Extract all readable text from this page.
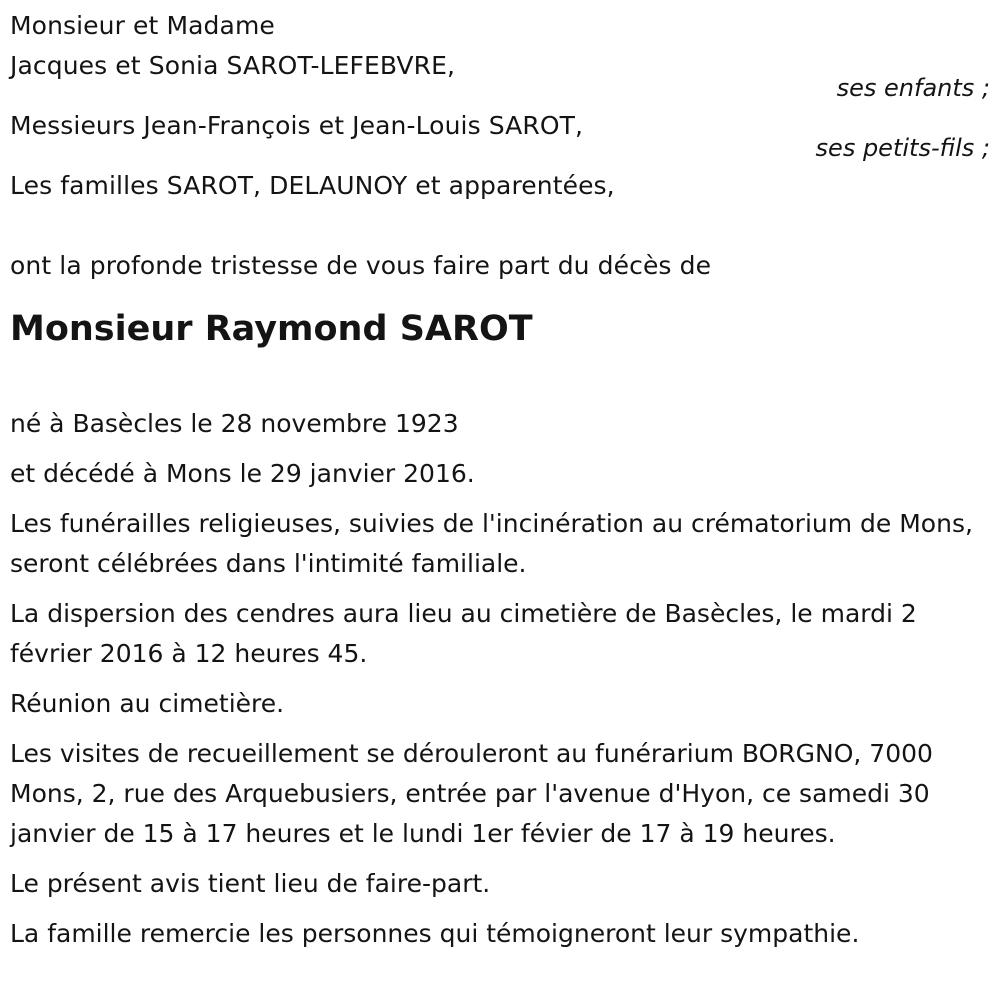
Monsieur et Madame
Jacques et Sonia SAROT-LEFEBVRE,
ses enfants ;
Messieurs Jean-François et Jean-Louis SAROT,
ses petits-fils ;
Les familles SAROT, DELAUNOY et apparentées,
ont la profonde tristesse de vous faire part du décès de
Monsieur Raymond SAROT
né à Basècles le 28 novembre 1923
et décédé à Mons le 29 janvier 2016.
Les funérailles religieuses, suivies de l'incinération au crématorium de Mons, seront célébrées dans l'intimité familiale.
La dispersion des cendres aura lieu au cimetière de Basècles, le mardi 2 février 2016 à 12 heures 45.
Réunion au cimetière.
Les visites de recueillement se dérouleront au funérarium BORGNO, 7000 Mons, 2, rue des Arquebusiers, entrée par l'avenue d'Hyon, ce samedi 30 janvier de 15 à 17 heures et le lundi 1er févier de 17 à 19 heures.
Le présent avis tient lieu de faire-part.
La famille remercie les personnes qui témoigneront leur sympathie.
